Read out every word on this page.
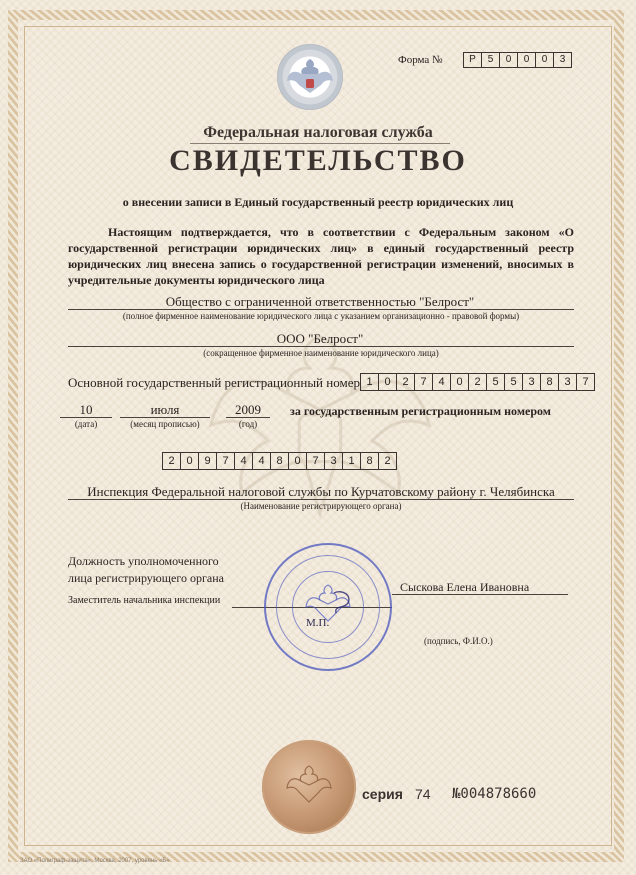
Форма №	Р	5	0	0	0	3
Федеральная налоговая служба
СВИДЕТЕЛЬСТВО
о внесении записи в Единый государственный реестр юридических лиц
Настоящим подтверждается, что в соответствии с Федеральным законом «О государственной регистрации юридических лиц» в единый государственный реестр юридических лиц внесена запись о государственной регистрации изменений, вносимых в учредительные документы юридического лица
Общество с ограниченной ответственностью "Белрост"
(полное фирменное наименование юридического лица с указанием организационно - правовой формы)
ООО "Белрост"
(сокращенное фирменное наименование юридического лица)
Основной государственный регистрационный номер 1	0	2	7	4	0	2	5	5	3	8	3	7
10
(дата)
июля
(месяц прописью)
2009
(год)
за государственным регистрационным номером
2	0	9	7	4	4	8	0	7	3	1	8	2
Инспекция Федеральной налоговой службы по Курчатовскому району г. Челябинска
(Наименование регистрирующего органа)
Должность уполномоченного
лица регистрирующего органа
Заместитель начальника инспекции
Сыскова Елена Ивановна
(подпись, Ф.И.О.)
М.П.
серия 74 №004878660
ЗАО «Полиграф-защита», Москва, 2007, уровень «Б»
